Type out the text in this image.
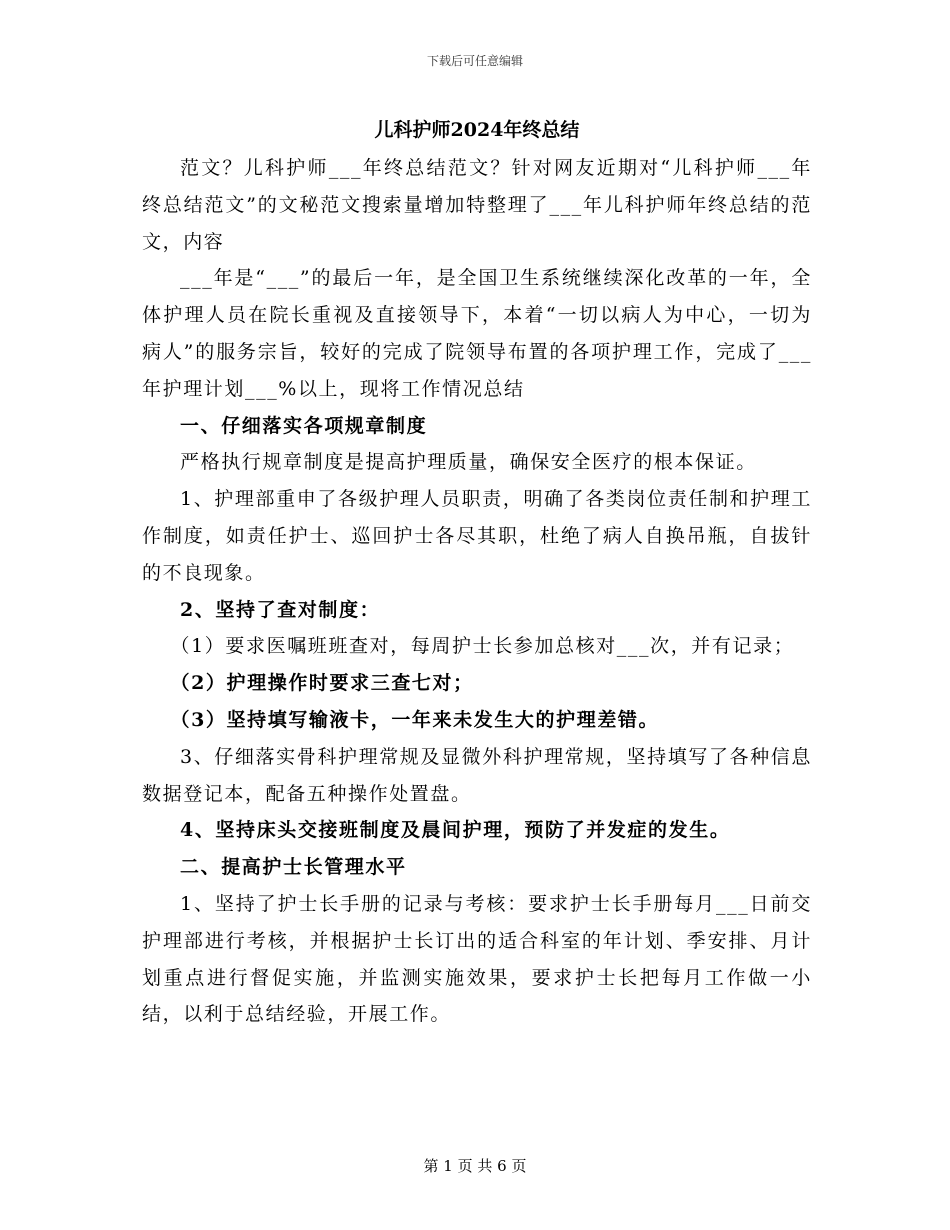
下载后可任意编辑
儿科护师2024年终总结

范文？儿科护师___年终总结范文？针对网友近期对“儿科护师___年终总结范文”的文秘范文搜索量增加特整理了___年儿科护师年终总结的范文，内容

___年是“___”的最后一年，是全国卫生系统继续深化改革的一年，全体护理人员在院长重视及直接领导下，本着“一切以病人为中心，一切为病人”的服务宗旨，较好的完成了院领导布置的各项护理工作，完成了___年护理计划___%以上，现将工作情况总结

一、仔细落实各项规章制度

严格执行规章制度是提高护理质量，确保安全医疗的根本保证。

1、护理部重申了各级护理人员职责，明确了各类岗位责任制和护理工作制度，如责任护士、巡回护士各尽其职，杜绝了病人自换吊瓶，自拔针的不良现象。

2、坚持了查对制度：

（1）要求医嘱班班查对，每周护士长参加总核对___次，并有记录；

（2）护理操作时要求三查七对；

（3）坚持填写输液卡，一年来未发生大的护理差错。

3、仔细落实骨科护理常规及显微外科护理常规，坚持填写了各种信息数据登记本，配备五种操作处置盘。

4、坚持床头交接班制度及晨间护理，预防了并发症的发生。

二、提高护士长管理水平

1、坚持了护士长手册的记录与考核：要求护士长手册每月___日前交护理部进行考核，并根据护士长订出的适合科室的年计划、季安排、月计划重点进行督促实施，并监测实施效果，要求护士长把每月工作做一小结，以利于总结经验，开展工作。

第 1 页 共 6 页
